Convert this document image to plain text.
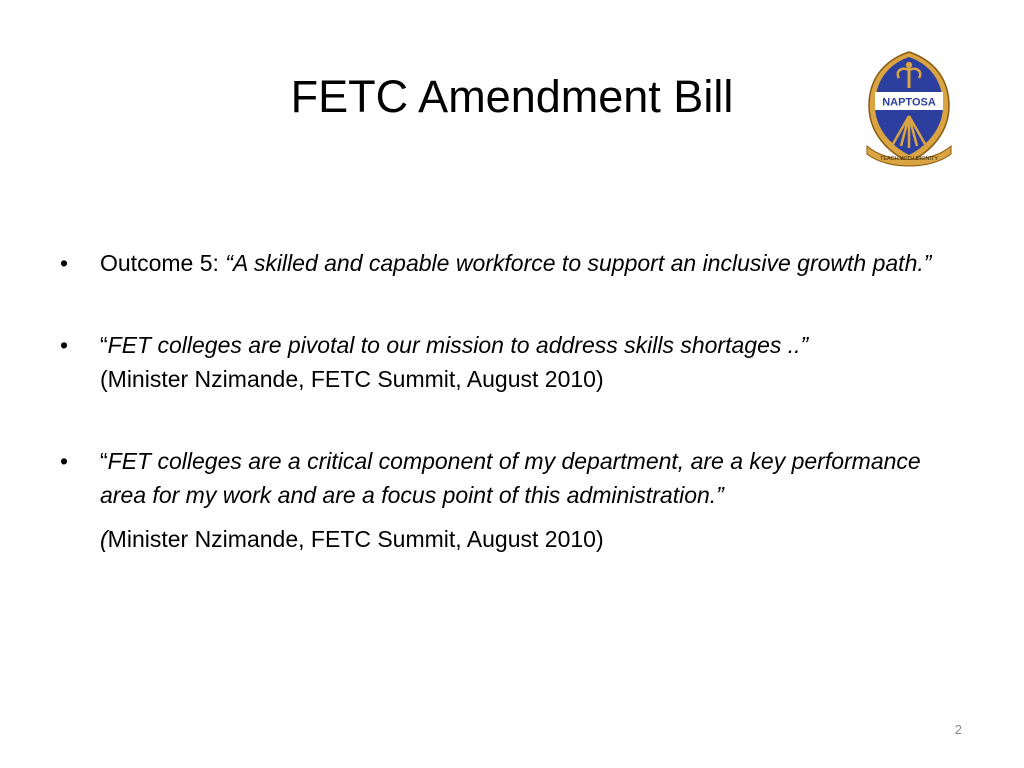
FETC Amendment Bill	NAPTOSA
TEACH WITH DIGNITY
• Outcome 5: “A skilled and capable workforce to support an inclusive growth path.”
• “FET colleges are pivotal to our mission to address skills shortages ..”
(Minister Nzimande, FETC Summit, August 2010)
• “FET colleges are a critical component of my department, are a key performance area for my work and are a focus point of this administration.”
(Minister Nzimande, FETC Summit, August 2010)
2
